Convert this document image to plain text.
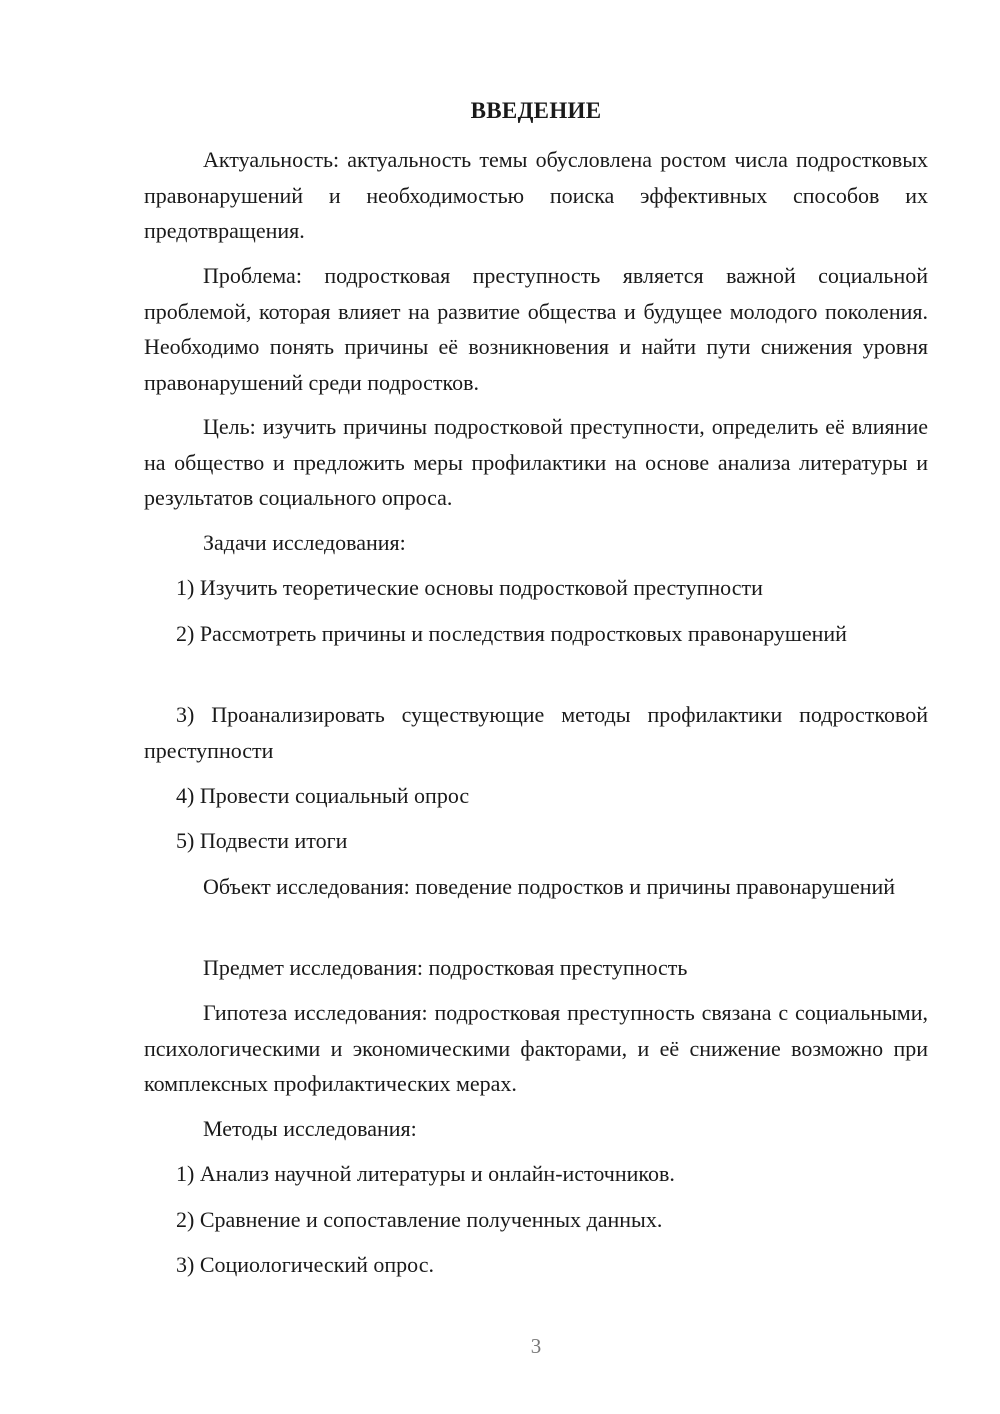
ВВЕДЕНИЕ

Актуальность: актуальность темы обусловлена ростом числа подростковых правонарушений и необходимостью поиска эффективных способов их предотвращения.

Проблема: подростковая преступность является важной социальной проблемой, которая влияет на развитие общества и будущее молодого поколения. Необходимо понять причины её возникновения и найти пути снижения уровня правонарушений среди подростков.

Цель: изучить причины подростковой преступности, определить её влияние на общество и предложить меры профилактики на основе анализа литературы и результатов социального опроса.

Задачи исследования:

1) Изучить теоретические основы подростковой преступности

2) Рассмотреть причины и последствия подростковых правонарушений

3) Проанализировать существующие методы профилактики подростковой преступности

4) Провести социальный опрос

5) Подвести итоги

Объект исследования: поведение подростков и причины правонарушений

Предмет исследования: подростковая преступность

Гипотеза исследования: подростковая преступность связана с социальными, психологическими и экономическими факторами, и её снижение возможно при комплексных профилактических мерах.

Методы исследования:

1) Анализ научной литературы и онлайн-источников.

2) Сравнение и сопоставление полученных данных.

3) Социологический опрос.

3
